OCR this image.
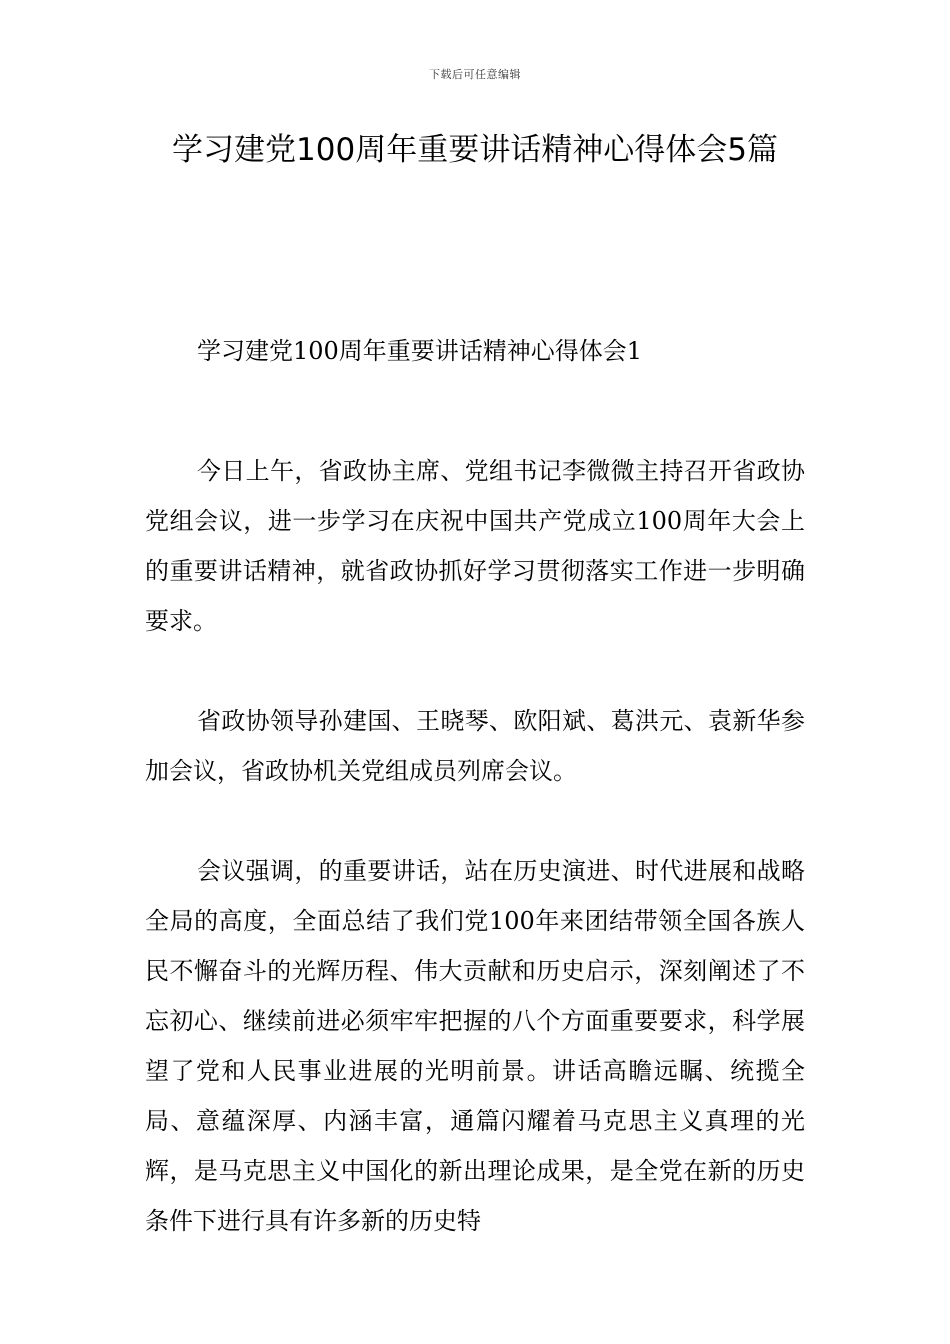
下载后可任意编辑
学习建党100周年重要讲话精神心得体会5篇

学习建党100周年重要讲话精神心得体会1

今日上午，省政协主席、党组书记李微微主持召开省政协党组会议，进一步学习在庆祝中国共产党成立100周年大会上的重要讲话精神，就省政协抓好学习贯彻落实工作进一步明确要求。

省政协领导孙建国、王晓琴、欧阳斌、葛洪元、袁新华参加会议，省政协机关党组成员列席会议。

会议强调，的重要讲话，站在历史演进、时代进展和战略全局的高度，全面总结了我们党100年来团结带领全国各族人民不懈奋斗的光辉历程、伟大贡献和历史启示，深刻阐述了不忘初心、继续前进必须牢牢把握的八个方面重要要求，科学展望了党和人民事业进展的光明前景。讲话高瞻远瞩、统揽全局、意蕴深厚、内涵丰富，通篇闪耀着马克思主义真理的光辉，是马克思主义中国化的新出理论成果，是全党在新的历史条件下进行具有许多新的历史特
